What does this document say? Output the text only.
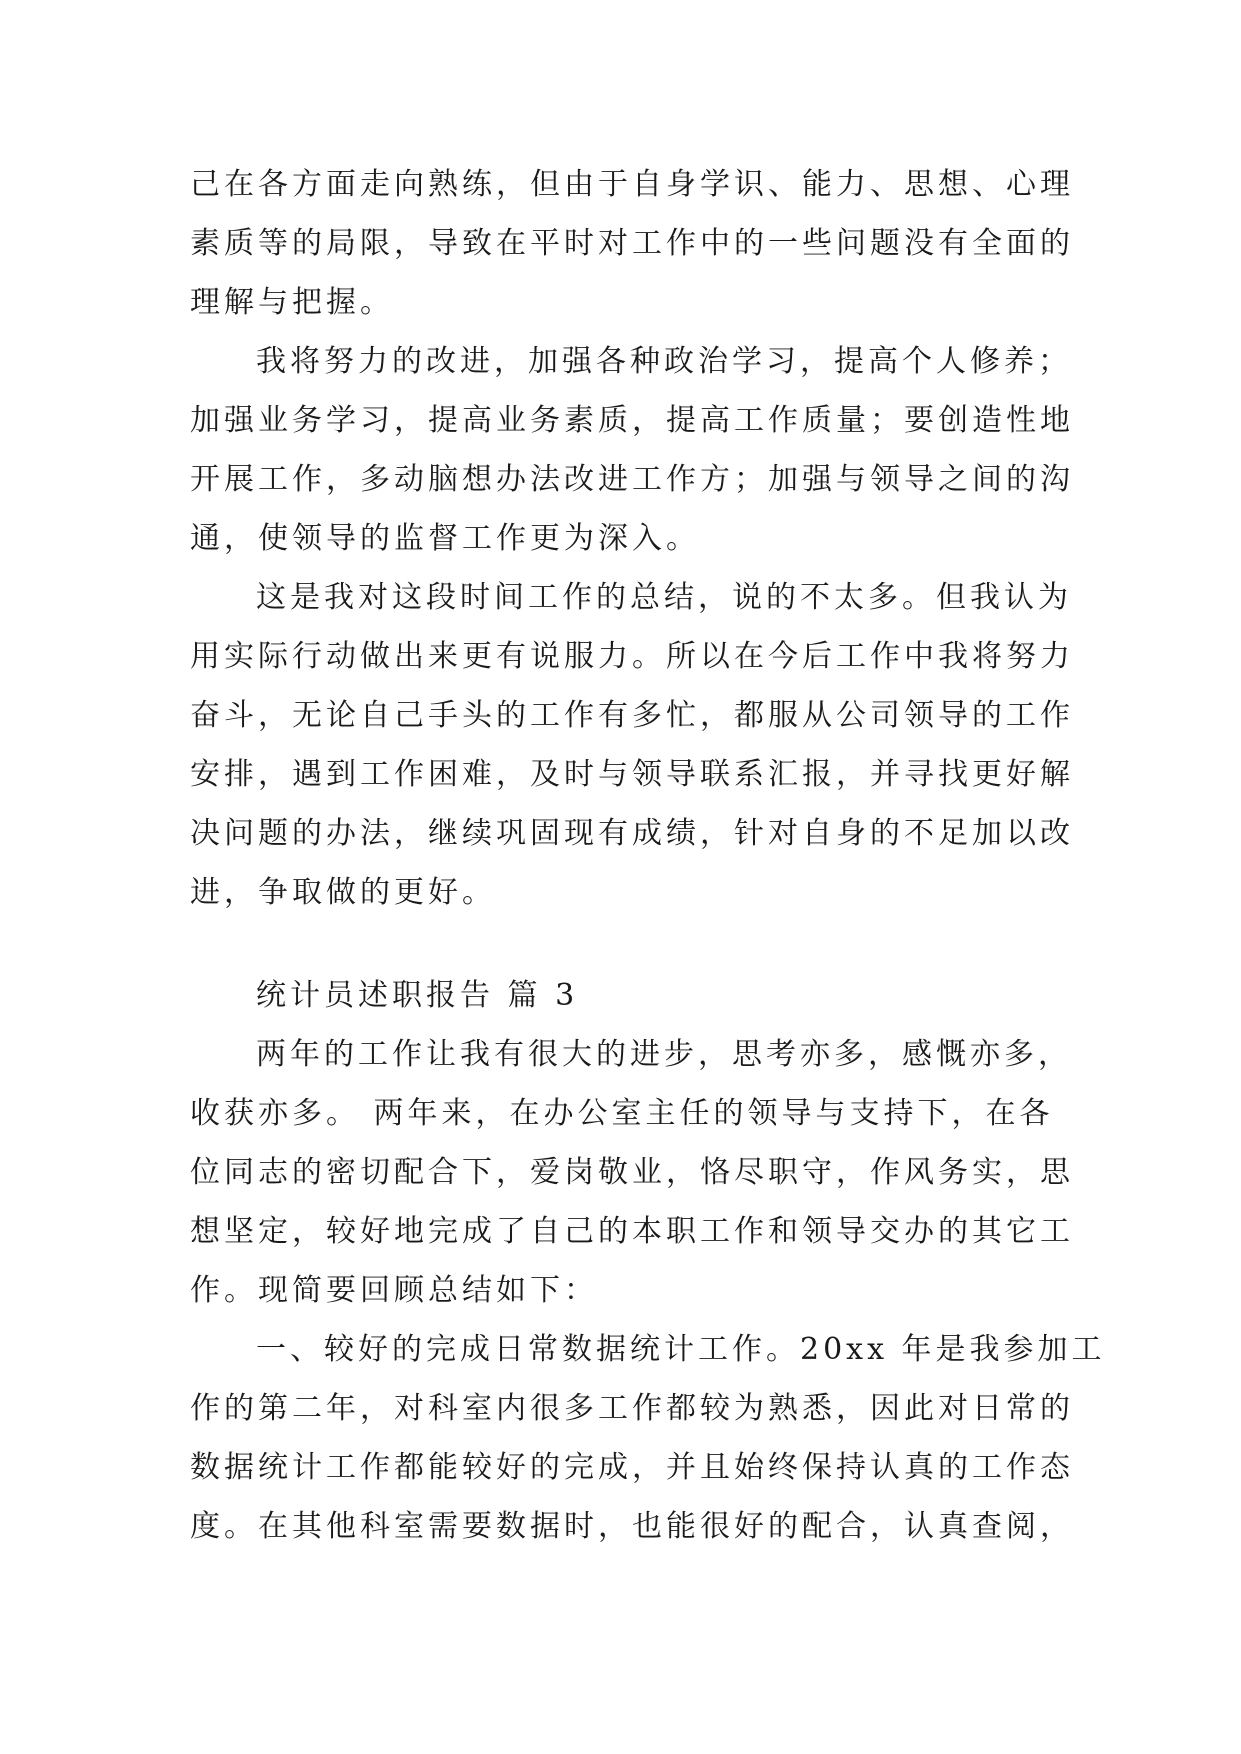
己在各方面走向熟练，但由于自身学识、能力、思想、心理

素质等的局限，导致在平时对工作中的一些问题没有全面的

理解与把握。

我将努力的改进，加强各种政治学习，提高个人修养；

加强业务学习，提高业务素质，提高工作质量；要创造性地

开展工作，多动脑想办法改进工作方；加强与领导之间的沟

通，使领导的监督工作更为深入。

这是我对这段时间工作的总结，说的不太多。但我认为

用实际行动做出来更有说服力。所以在今后工作中我将努力

奋斗，无论自己手头的工作有多忙，都服从公司领导的工作

安排，遇到工作困难，及时与领导联系汇报，并寻找更好解

决问题的办法，继续巩固现有成绩，针对自身的不足加以改

进，争取做的更好。

统计员述职报告 篇 3

两年的工作让我有很大的进步，思考亦多，感慨亦多，

收获亦多。 两年来，在办公室主任的领导与支持下，在各

位同志的密切配合下，爱岗敬业，恪尽职守，作风务实，思

想坚定，较好地完成了自己的本职工作和领导交办的其它工

作。现简要回顾总结如下：

一、较好的完成日常数据统计工作。20xx 年是我参加工

作的第二年，对科室内很多工作都较为熟悉，因此对日常的

数据统计工作都能较好的完成，并且始终保持认真的工作态

度。在其他科室需要数据时，也能很好的配合，认真查阅，
